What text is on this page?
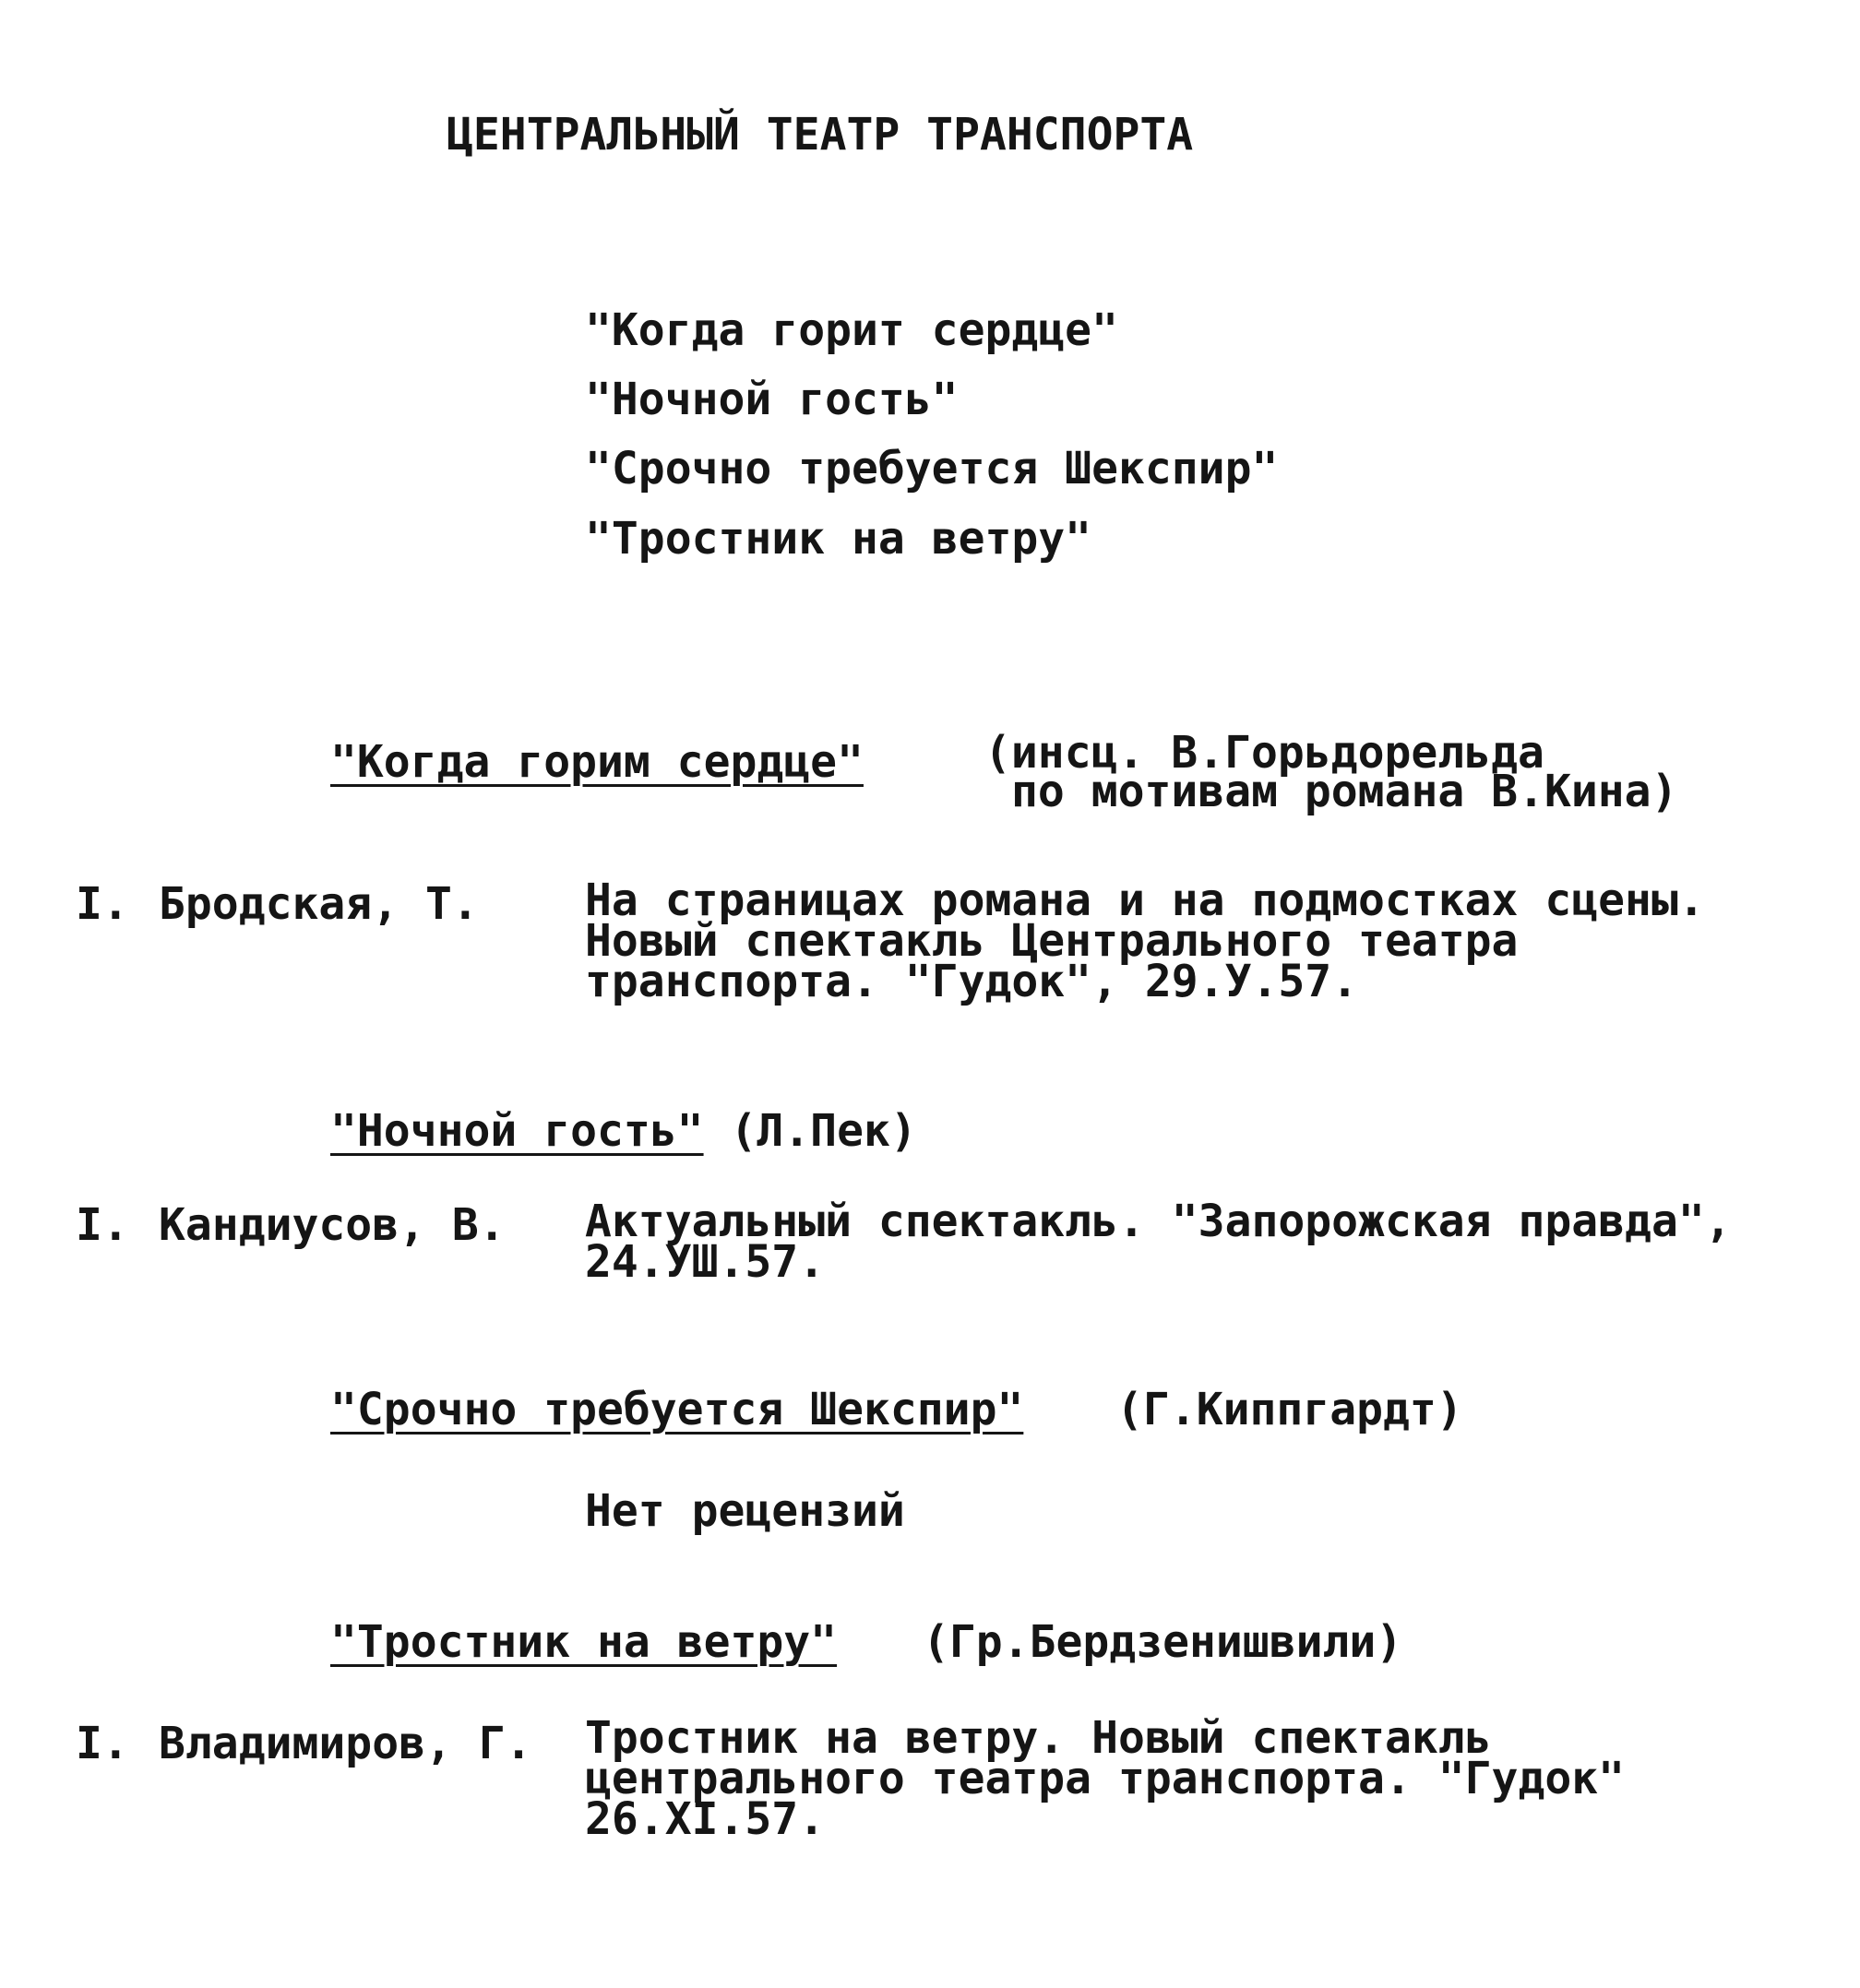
ЦЕНТРАЛЬНЫЙ ТЕАТР ТРАНСПОРТА
"Когда горит сердце"
"Ночной гость"
"Срочно требуется Шекспир"
"Тростник на ветру"
"Когда горим сердце"	(инсц. В.Горьдорельда
по мотивам романа В.Кина)
I. Бродская, Т. На страницах романа и на подмостках сцены.
Новый спектакль Центрального театра
транспорта. "Гудок", 29.У.57.
"Ночной гость" (Л.Пек)
I. Кандиусов, В. Актуальный спектакль. "Запорожская правда",
24.УШ.57.
"Срочно требуется Шекспир" (Г.Киппгардт)
Нет рецензий
"Тростник на ветру" (Гр.Бердзенишвили)
I. Владимиров, Г. Тростник на ветру. Новый спектакль
центрального театра транспорта. "Гудок"
26.XI.57.
